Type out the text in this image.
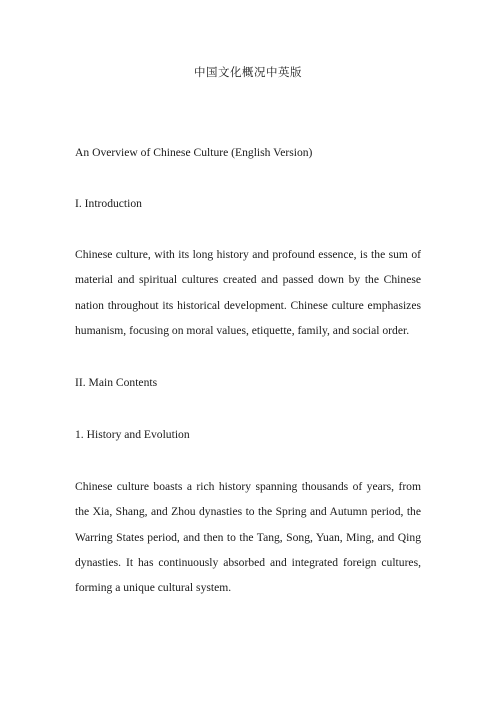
中国文化概况中英版
An Overview of Chinese Culture (English Version)
I. Introduction
Chinese culture, with its long history and profound essence, is the sum of material and spiritual cultures created and passed down by the Chinese nation throughout its historical development. Chinese culture emphasizes humanism, focusing on moral values, etiquette, family, and social order.
II. Main Contents
1. History and Evolution
Chinese culture boasts a rich history spanning thousands of years, from the Xia, Shang, and Zhou dynasties to the Spring and Autumn period, the Warring States period, and then to the Tang, Song, Yuan, Ming, and Qing dynasties. It has continuously absorbed and integrated foreign cultures, forming a unique cultural system.
